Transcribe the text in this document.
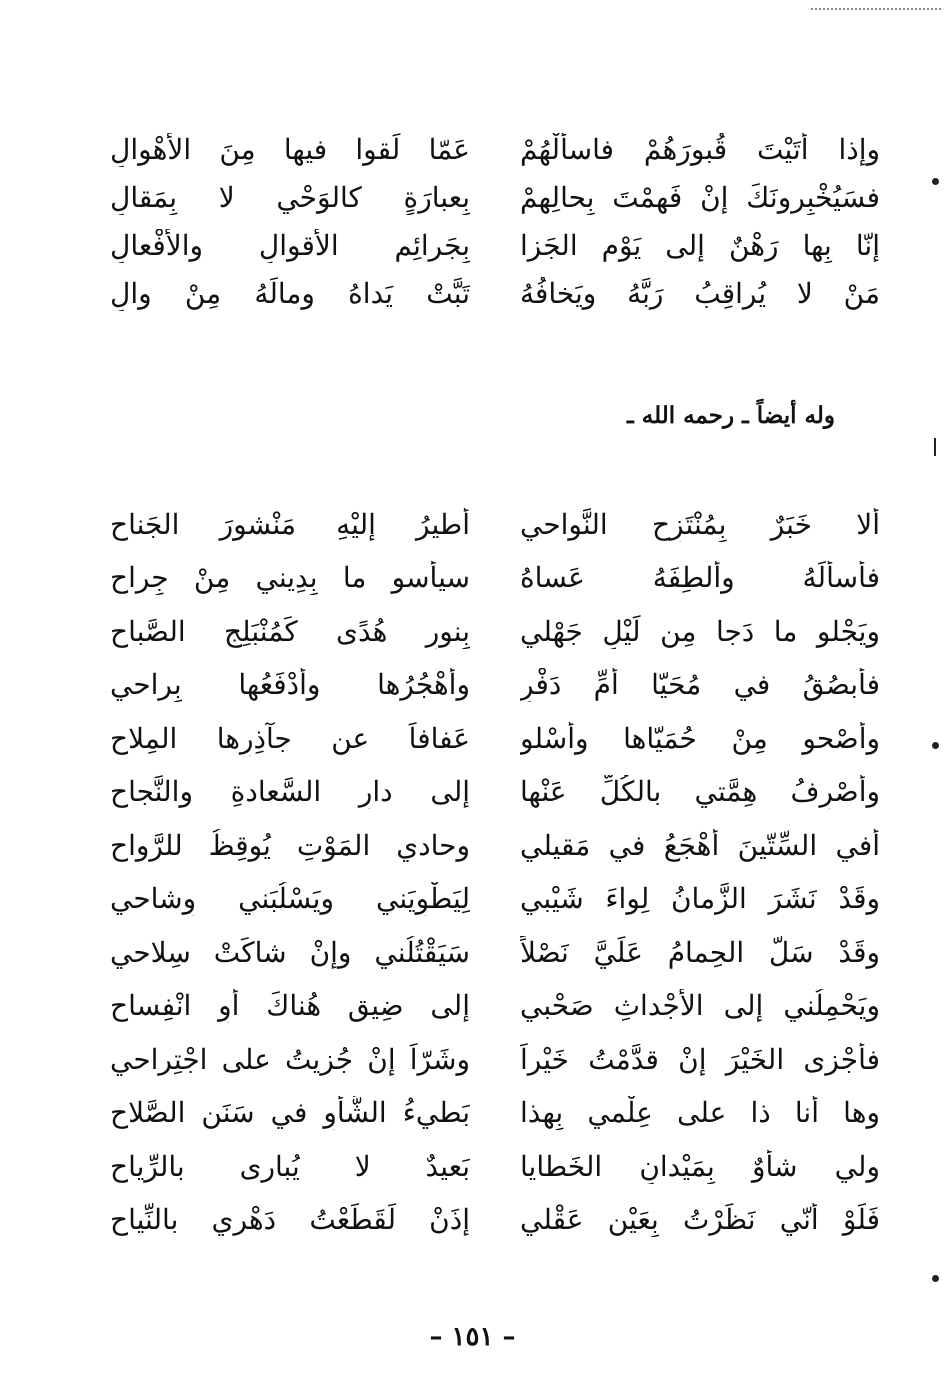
وإذا أتَيْتَ قُبورَهُمْ فاسألْهُمْ
عَمّا لَقوا فيها مِنَ الأهْوالِ
فسَيُخْبِرونَكَ إنْ فَهِمْتَ بِحالِهِمْ
بِعبارَةٍ كالوَحْيِ لا بِمَقالِ
إنّا بِها رَهْنٌ إلى يَوْمِ الجَزا
بِجَرائِمِ الأقوالِ والأفْعالِ
مَنْ لا يُراقِبُ رَبَّهُ ويَخافُهُ
تَبَّتْ يَداهُ ومالَهُ مِنْ والِ
وله أيضاً ـ رحمه الله ـ
ألا خَبَرٌ بِمُنْتَزِحِ النَّواحي
أطيرُ إليْهِ مَنْشورَ الجَناحِ
فأسألَهُ وأُلطِفَهُ عَساهُ
سيأسو ما بِدِيني مِنْ جِراحِ
ويَجْلو ما دَجا مِن لَيْلِ جَهْلي
بِنورِ هُدًى كَمُنْبَلِجِ الصَّباحِ
فأبصُقُ في مُحَيّا أُمِّ دَفْرٍ
وأهْجُرُها وأدْفَعُها بِراحي
وأصْحو مِنْ حُمَيّاها وأسْلو
عَفافاً عن جآذِرِها المِلاحِ
وأصْرِفُ هِمَّتي بالكُلِّ عَنْها
إلى دارِ السَّعادةِ والنَّجاحِ
أفي السِّتّينَ أهْجَعُ في مَقيلي
وحادي المَوْتِ يُوقِظُ للرَّواحِ
وقَدْ نَشَرَ الزَّمانُ لِواءَ شَيْبي
لِيَطْوِيَني ويَسْلُبَني وِشاحي
وقَدْ سَلَّ الحِمامُ عَلَيَّ نَصْلاً
سَيَقْتُلُني وإنْ شاكَتْ سِلاحي
ويَحْمِلُني إلى الأجْداثِ صَحْبي
إلى ضِيقٍ هُناكَ أوِ انْفِساحِ
فأُجْزى الخَيْرَ إنْ قدَّمْتُ خَيْراً
وشَرّاً إنْ جُزيتُ على اجْتِراحي
وها أنا ذا على عِلْمي بِهذا
بَطيءُ الشَّأْوِ في سَنَنِ الصَّلاحِ
ولي شأْوٌ بِمَيْدانِ الخَطايا
بَعيدٌ لا يُبارى بالرِّياحِ
فَلَوْ أنّي نَظَرْتُ بِعَيْنِ عَقْلي
إذَنْ لَقَطَعْتُ دَهْري بالنِّياحِ
– ١٥١ –
